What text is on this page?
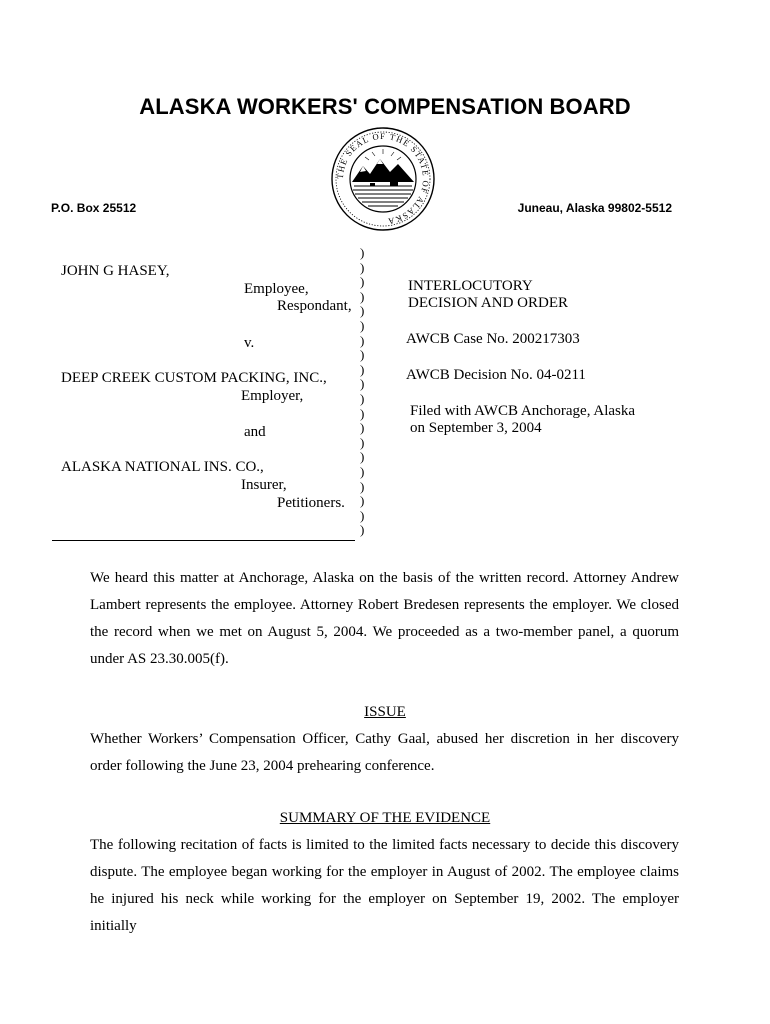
ALASKA WORKERS' COMPENSATION BOARD
THE SEAL OF THE STATE OF ALASKA
P.O. Box 25512	Juneau, Alaska 99802-5512
JOHN G HASEY,
Employee,
Respondant,
v.
DEEP CREEK CUSTOM PACKING, INC.,
Employer,
and
ALASKA NATIONAL INS. CO.,
Insurer,
Petitioners.
)
)
)
)
)
)
)
)
)
)
)
)
)
)
)
)
)
)
)
)
INTERLOCUTORY
DECISION AND ORDER
AWCB Case No. 200217303
AWCB Decision No. 04-0211
Filed with AWCB Anchorage, Alaska
on September 3, 2004
We heard this matter at Anchorage, Alaska on the basis of the written record. Attorney Andrew Lambert represents the employee. Attorney Robert Bredesen represents the employer. We closed the record when we met on August 5, 2004. We proceeded as a two-member panel, a quorum under AS 23.30.005(f).
ISSUE
Whether Workers’ Compensation Officer, Cathy Gaal, abused her discretion in her discovery order following the June 23, 2004 prehearing conference.
SUMMARY OF THE EVIDENCE
The following recitation of facts is limited to the limited facts necessary to decide this discovery dispute. The employee began working for the employer in August of 2002. The employee claims he injured his neck while working for the employer on September 19, 2002. The employer initially
